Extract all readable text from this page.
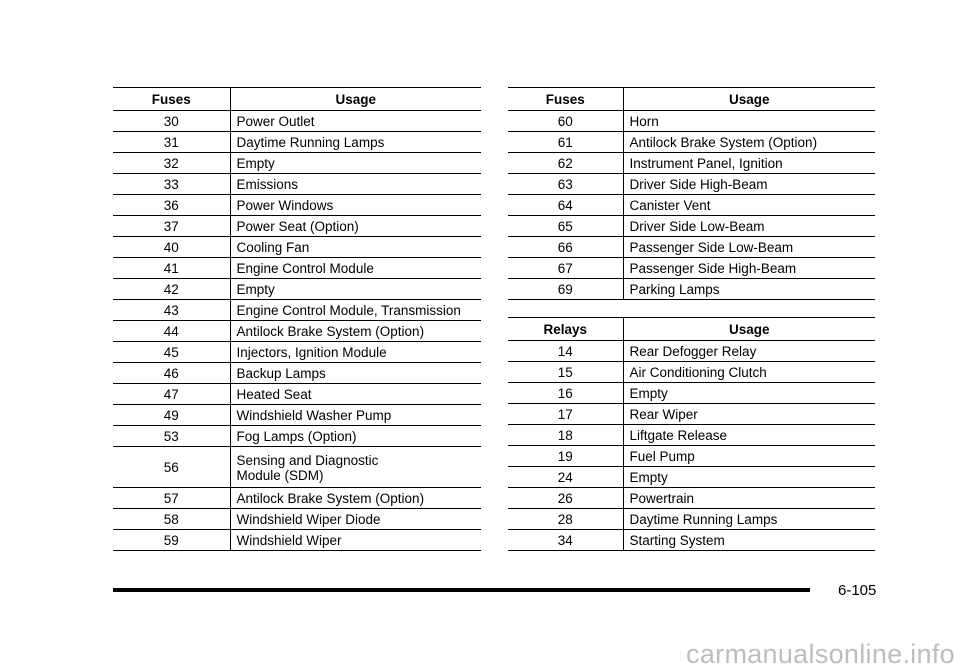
Fuses	Usage
30	Power Outlet
31	Daytime Running Lamps
32	Empty
33	Emissions
36	Power Windows
37	Power Seat (Option)
40	Cooling Fan
41	Engine Control Module
42	Empty
43	Engine Control Module, Transmission
44	Antilock Brake System (Option)
45	Injectors, Ignition Module
46	Backup Lamps
47	Heated Seat
49	Windshield Washer Pump
53	Fog Lamps (Option)
56	Sensing and Diagnostic
Module (SDM)
57	Antilock Brake System (Option)
58	Windshield Wiper Diode
59	Windshield Wiper
Fuses	Usage
60	Horn
61	Antilock Brake System (Option)
62	Instrument Panel, Ignition
63	Driver Side High-Beam
64	Canister Vent
65	Driver Side Low-Beam
66	Passenger Side Low-Beam
67	Passenger Side High-Beam
69	Parking Lamps
Relays	Usage
14	Rear Defogger Relay
15	Air Conditioning Clutch
16	Empty
17	Rear Wiper
18	Liftgate Release
19	Fuel Pump
24	Empty
26	Powertrain
28	Daytime Running Lamps
34	Starting System
6-105
carmanualsonline.info
